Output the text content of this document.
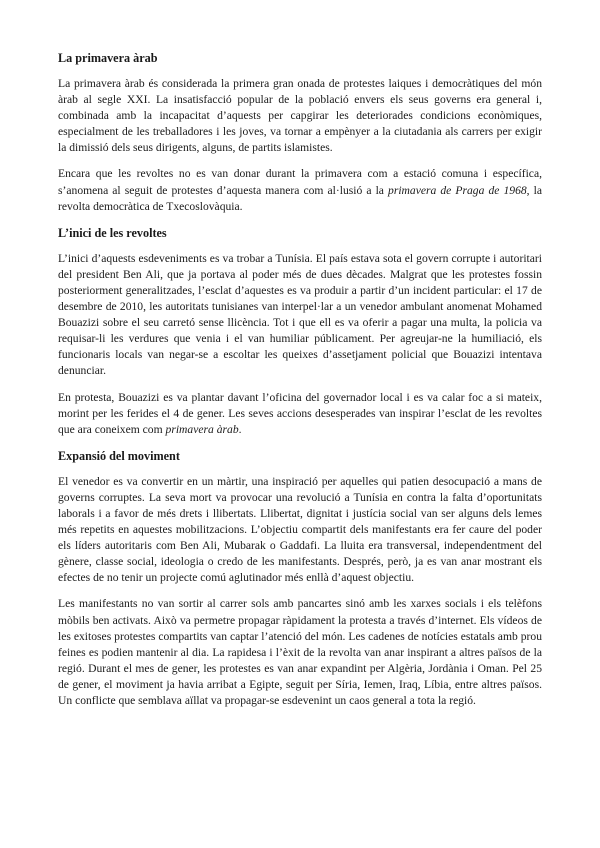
La primavera àrab

La primavera àrab és considerada la primera gran onada de protestes laiques i democràtiques del món àrab al segle XXI. La insatisfacció popular de la població envers els seus governs era general i, combinada amb la incapacitat d’aquests per capgirar les deteriorades condicions econòmiques, especialment de les treballadores i les joves, va tornar a empènyer a la ciutadania als carrers per exigir la dimissió dels seus dirigents, alguns, de partits islamistes.

Encara que les revoltes no es van donar durant la primavera com a estació comuna i específica, s’anomena al seguit de protestes d’aquesta manera com al·lusió a la primavera de Praga de 1968, la revolta democràtica de Txecoslovàquia.

L’inici de les revoltes

L’inici d’aquests esdeveniments es va trobar a Tunísia. El país estava sota el govern corrupte i autoritari del president Ben Ali, que ja portava al poder més de dues dècades. Malgrat que les protestes fossin posteriorment generalitzades, l’esclat d’aquestes es va produir a partir d’un incident particular: el 17 de desembre de 2010, les autoritats tunisianes van interpel·lar a un venedor ambulant anomenat Mohamed Bouazizi sobre el seu carretó sense llicència. Tot i que ell es va oferir a pagar una multa, la policia va requisar-li les verdures que venia i el van humiliar públicament. Per agreujar-ne la humiliació, els funcionaris locals van negar-se a escoltar les queixes d’assetjament policial que Bouazizi intentava denunciar.

En protesta, Bouazizi es va plantar davant l’oficina del governador local i es va calar foc a si mateix, morint per les ferides el 4 de gener. Les seves accions desesperades van inspirar l’esclat de les revoltes que ara coneixem com primavera àrab.

Expansió del moviment

El venedor es va convertir en un màrtir, una inspiració per aquelles qui patien desocupació a mans de governs corruptes. La seva mort va provocar una revolució a Tunísia en contra la falta d’oportunitats laborals i a favor de més drets i llibertats. Llibertat, dignitat i justícia social van ser alguns dels lemes més repetits en aquestes mobilitzacions. L’objectiu compartit dels manifestants era fer caure del poder els líders autoritaris com Ben Ali, Mubarak o Gaddafi. La lluita era transversal, independentment del gènere, classe social, ideologia o credo de les manifestants. Després, però, ja es van anar mostrant els efectes de no tenir un projecte comú aglutinador més enllà d’aquest objectiu.

Les manifestants no van sortir al carrer sols amb pancartes sinó amb les xarxes socials i els telèfons mòbils ben activats. Això va permetre propagar ràpidament la protesta a través d’internet. Els vídeos de les exitoses protestes compartits van captar l’atenció del món. Les cadenes de notícies estatals amb prou feines es podien mantenir al dia. La rapidesa i l’èxit de la revolta van anar inspirant a altres països de la regió. Durant el mes de gener, les protestes es van anar expandint per Algèria, Jordània i Oman. Pel 25 de gener, el moviment ja havia arribat a Egipte, seguit per Síria, Iemen, Iraq, Líbia, entre altres països. Un conflicte que semblava aïllat va propagar-se esdevenint un caos general a tota la regió.
